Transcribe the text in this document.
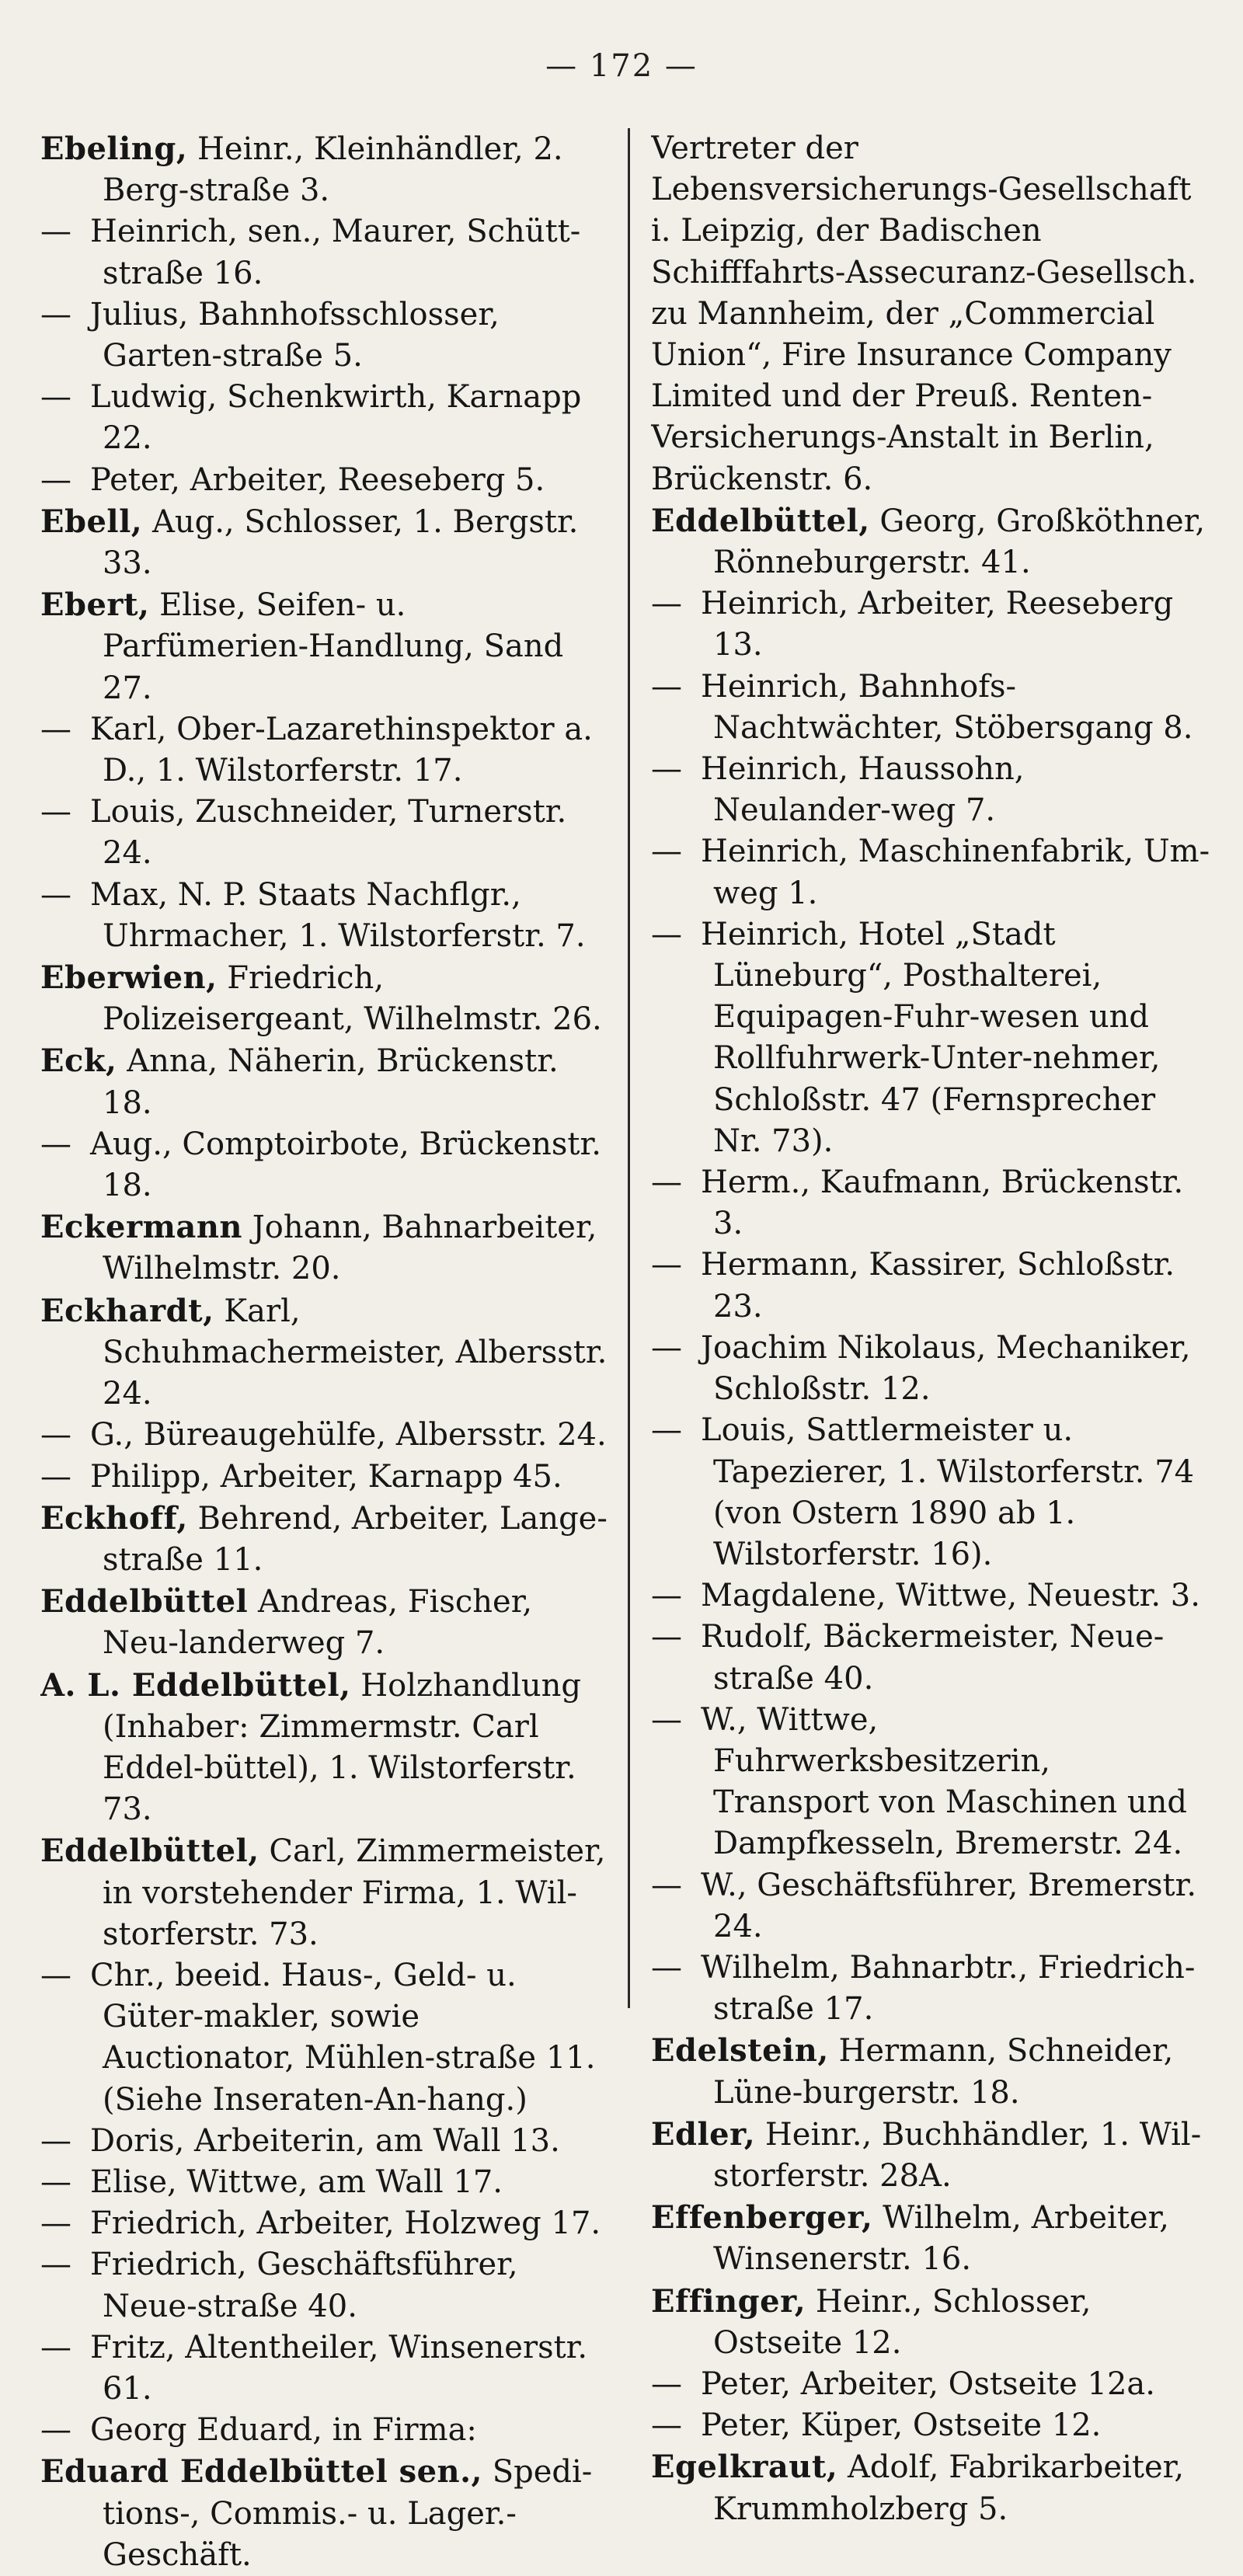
— 172 —
Ebeling, Heinr., Kleinhändler, 2. Berg-straße 3.
— Heinrich, sen., Maurer, Schütt-straße 16.
— Julius, Bahnhofsschlosser, Garten-straße 5.
— Ludwig, Schenkwirth, Karnapp 22.
— Peter, Arbeiter, Reeseberg 5.
Ebell, Aug., Schlosser, 1. Bergstr. 33.
Ebert, Elise, Seifen- u. Parfümerien-Handlung, Sand 27.
— Karl, Ober-Lazarethinspektor a. D., 1. Wilstorferstr. 17.
— Louis, Zuschneider, Turnerstr. 24.
— Max, N. P. Staats Nachflgr., Uhrmacher, 1. Wilstorferstr. 7.
Eberwien, Friedrich, Polizeisergeant, Wilhelmstr. 26.
Eck, Anna, Näherin, Brückenstr. 18.
— Aug., Comptoirbote, Brückenstr. 18.
Eckermann Johann, Bahnarbeiter, Wilhelmstr. 20.
Eckhardt, Karl, Schuhmachermeister, Albersstr. 24.
— G., Büreaugehülfe, Albersstr. 24.
— Philipp, Arbeiter, Karnapp 45.
Eckhoff, Behrend, Arbeiter, Lange-straße 11.
Eddelbüttel Andreas, Fischer, Neu-landerweg 7.
A. L. Eddelbüttel, Holzhandlung (Inhaber: Zimmermstr. Carl Eddel-büttel), 1. Wilstorferstr. 73.
Eddelbüttel, Carl, Zimmermeister, in vorstehender Firma, 1. Wil-storferstr. 73.
— Chr., beeid. Haus-, Geld- u. Güter-makler, sowie Auctionator, Mühlen-straße 11. (Siehe Inseraten-An-hang.)
— Doris, Arbeiterin, am Wall 13.
— Elise, Wittwe, am Wall 17.
— Friedrich, Arbeiter, Holzweg 17.
— Friedrich, Geschäftsführer, Neue-straße 40.
— Fritz, Altentheiler, Winsenerstr. 61.
— Georg Eduard, in Firma:
Eduard Eddelbüttel sen., Spedi-tions-, Commis.- u. Lager.-Geschäft.
Vertreter der Lebensversicherungs-Gesellschaft i. Leipzig, der Badischen Schifffahrts-Assecuranz-Gesellsch. zu Mannheim, der „Commercial Union“, Fire Insurance Company Limited und der Preuß. Renten-Versicherungs-Anstalt in Berlin, Brückenstr. 6.
Eddelbüttel, Georg, Großköthner, Rönneburgerstr. 41.
— Heinrich, Arbeiter, Reeseberg 13.
— Heinrich, Bahnhofs-Nachtwächter, Stöbersgang 8.
— Heinrich, Haussohn, Neulander-weg 7.
— Heinrich, Maschinenfabrik, Um-weg 1.
— Heinrich, Hotel „Stadt Lüneburg“, Posthalterei, Equipagen-Fuhr-wesen und Rollfuhrwerk-Unter-nehmer, Schloßstr. 47 (Fernsprecher Nr. 73).
— Herm., Kaufmann, Brückenstr. 3.
— Hermann, Kassirer, Schloßstr. 23.
— Joachim Nikolaus, Mechaniker, Schloßstr. 12.
— Louis, Sattlermeister u. Tapezierer, 1. Wilstorferstr. 74 (von Ostern 1890 ab 1. Wilstorferstr. 16).
— Magdalene, Wittwe, Neuestr. 3.
— Rudolf, Bäckermeister, Neue-straße 40.
— W., Wittwe, Fuhrwerksbesitzerin, Transport von Maschinen und Dampfkesseln, Bremerstr. 24.
— W., Geschäftsführer, Bremerstr. 24.
— Wilhelm, Bahnarbtr., Friedrich-straße 17.
Edelstein, Hermann, Schneider, Lüne-burgerstr. 18.
Edler, Heinr., Buchhändler, 1. Wil-storferstr. 28A.
Effenberger, Wilhelm, Arbeiter, Winsenerstr. 16.
Effinger, Heinr., Schlosser, Ostseite 12.
— Peter, Arbeiter, Ostseite 12a.
— Peter, Küper, Ostseite 12.
Egelkraut, Adolf, Fabrikarbeiter, Krummholzberg 5.
